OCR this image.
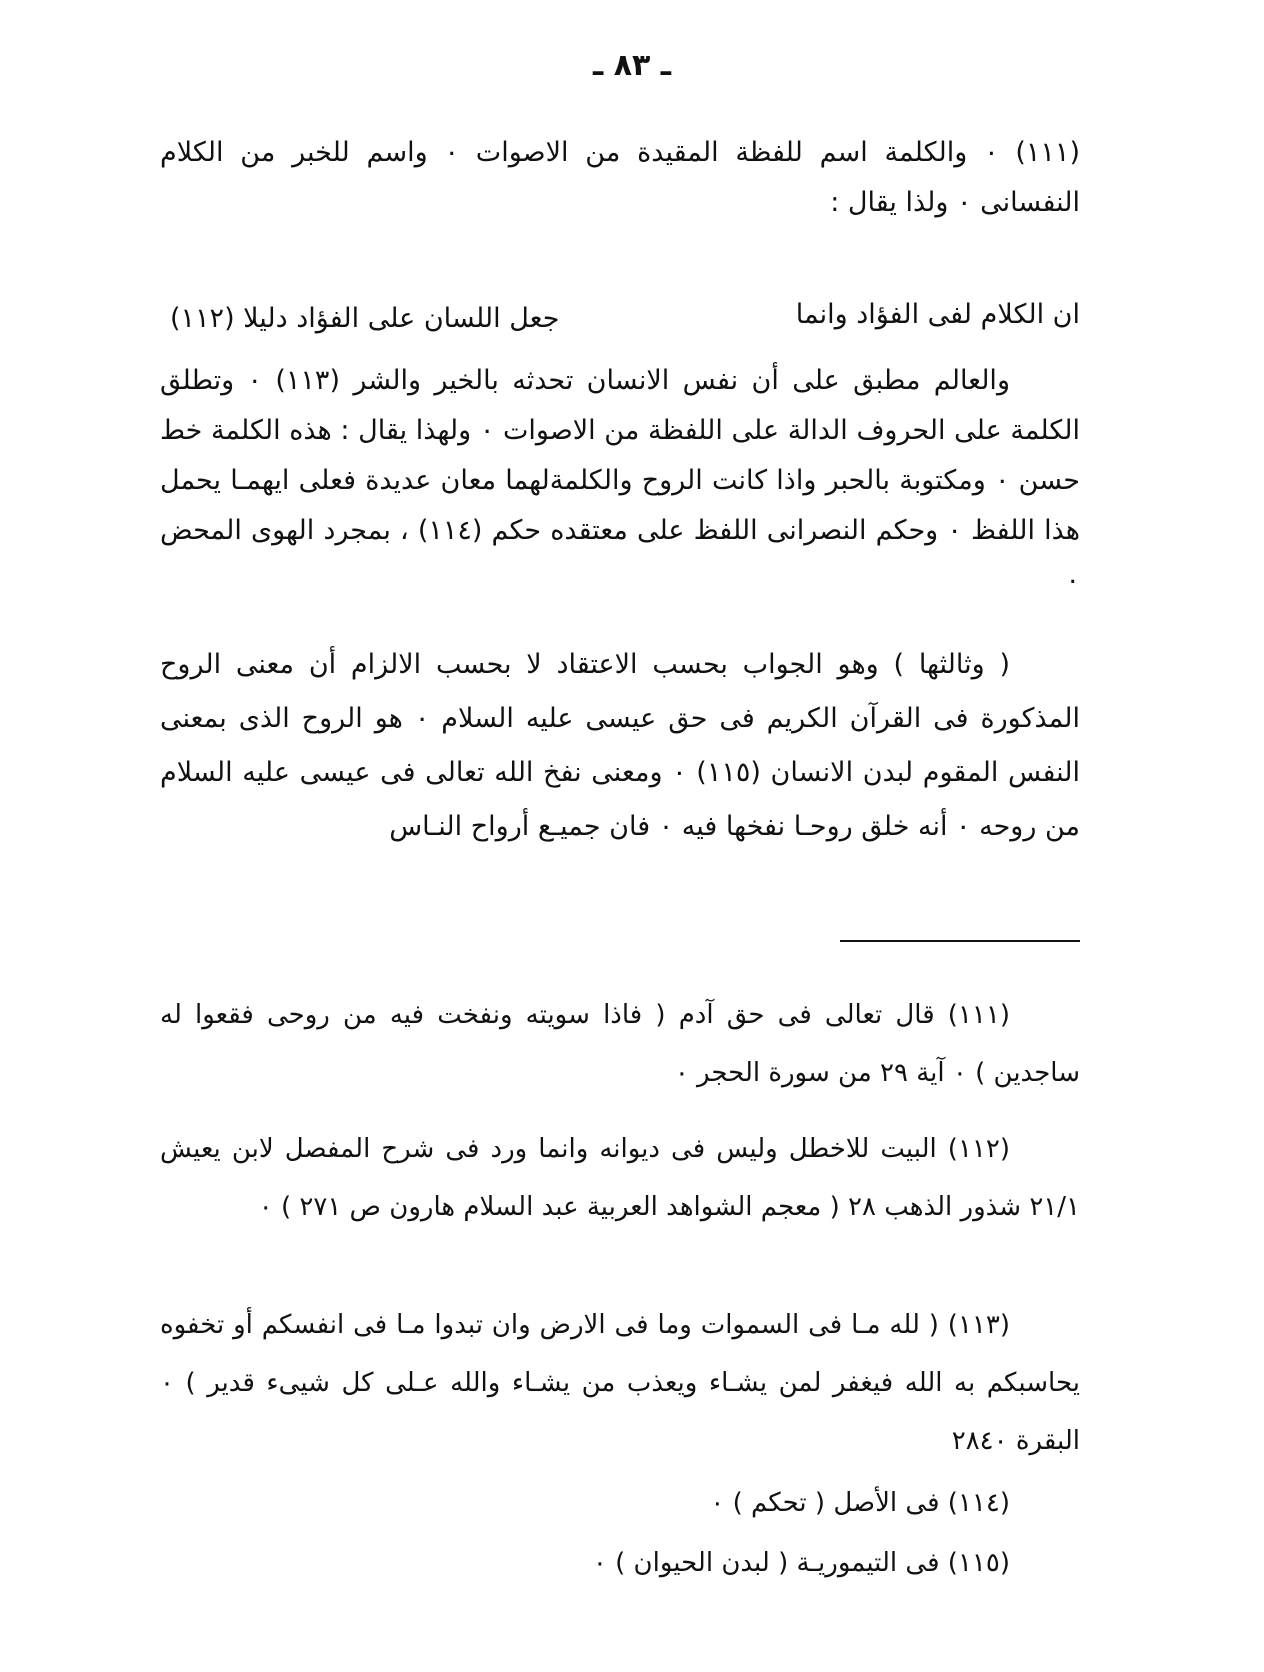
ـ ٨٣ ـ
(١١١) ٠ والكلمة اسم للفظة المقيدة من الاصوات ٠ واسم للخبر من الكلام النفسانى ٠ ولذا يقال :
ان الكلام لفى الفؤاد وانما
جعل اللسان على الفؤاد دليلا (١١٢)
والعالم مطبق على أن نفس الانسان تحدثه بالخير والشر (١١٣) ٠ وتطلق الكلمة على الحروف الدالة على اللفظة من الاصوات ٠ ولهذا يقال : هذه الكلمة خط حسن ٠ ومكتوبة بالحبر واذا كانت الروح والكلمةلهما معان عديدة فعلى ايهمـا يحمل هذا اللفظ ٠ وحكم النصرانى اللفظ على معتقده حكم (١١٤) ، بمجرد الهوى المحض ٠
( وثالثها ) وهو الجواب بحسب الاعتقاد لا بحسب الالزام أن معنى الروح المذكورة فى القرآن الكريم فى حق عيسى عليه السلام ٠ هو الروح الذى بمعنى النفس المقوم لبدن الانسان (١١٥) ٠ ومعنى نفخ الله تعالى فى عيسى عليه السلام من روحه ٠ أنه خلق روحـا نفخها فيه ٠ فان جميـع أرواح النـاس
(١١١) قال تعالى فى حق آدم ( فاذا سويته ونفخت فيه من روحى فقعوا له ساجدين ) ٠ آية ٢٩ من سورة الحجر ٠
(١١٢) البيت للاخطل وليس فى ديوانه وانما ورد فى شرح المفصل لابن يعيش ٢١/١ شذور الذهب ٢٨ ( معجم الشواهد العربية عبد السلام هارون ص ٢٧١ ) ٠
(١١٣) ( لله مـا فى السموات وما فى الارض وان تبدوا مـا فى انفسكم أو تخفوه يحاسبكم به الله فيغفر لمن يشـاء ويعذب من يشـاء والله عـلى كل شيىء قدير ) ٠ البقرة ٢٨٤٠
(١١٤) فى الأصل ( تحكم ) ٠
(١١٥) فى التيموريـة ( لبدن الحيوان ) ٠
